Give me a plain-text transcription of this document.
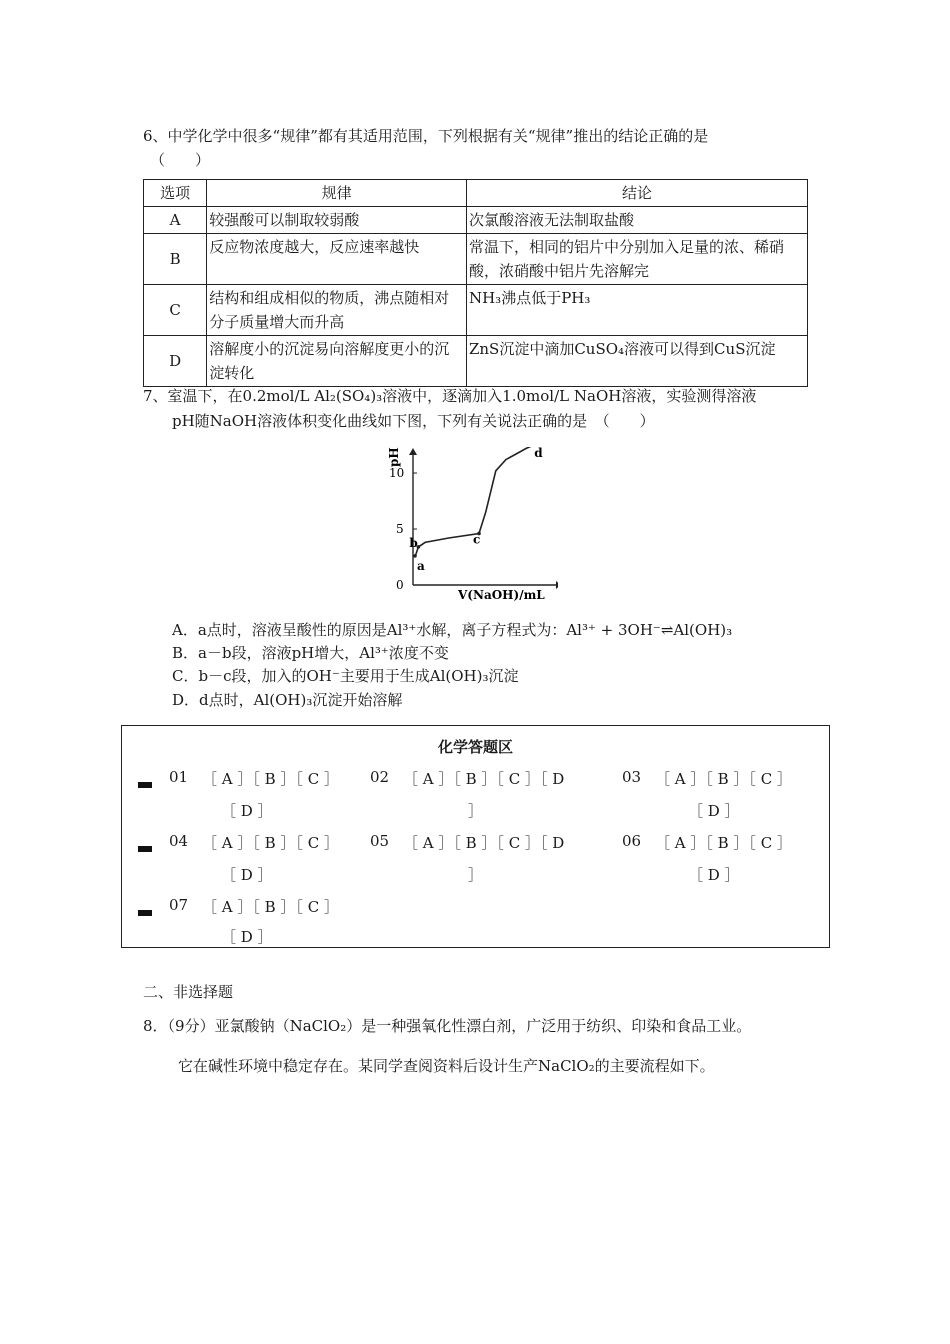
6、中学化学中很多“规律”都有其适用范围，下列根据有关“规律”推出的结论正确的是
（　　）
选项	规律	结论
A	较强酸可以制取较弱酸	次氯酸溶液无法制取盐酸
B	反应物浓度越大，反应速率越快	常温下，相同的铝片中分别加入足量的浓、稀硝酸，浓硝酸中铝片先溶解完
C	结构和组成相似的物质，沸点随相对分子质量增大而升高	NH₃沸点低于PH₃
D	溶解度小的沉淀易向溶解度更小的沉淀转化	ZnS沉淀中滴加CuSO₄溶液可以得到CuS沉淀
7、室温下，在0.2mol/L Al₂(SO₄)₃溶液中，逐滴加入1.0mol/L NaOH溶液，实验测得溶液
pH随NaOH溶液体积变化曲线如下图，下列有关说法正确的是　（　　）
pH
V(NaOH)/mL
0
5
10
a
b	c
d
A．a点时，溶液呈酸性的原因是Al³⁺水解，离子方程式为：Al³⁺ + 3OH⁻⇌Al(OH)₃
B．a－b段，溶液pH增大，Al³⁺浓度不变
C．b－c段，加入的OH⁻主要用于生成Al(OH)₃沉淀
D．d点时，Al(OH)₃沉淀开始溶解
化学答题区
01 ［ A ］［ B ］［ C ］
［ D ］
02 ［ A ］［ B ］［ C ］［ D
］
03 ［ A ］［ B ］［ C ］
［ D ］
04 ［ A ］［ B ］［ C ］
［ D ］
05 ［ A ］［ B ］［ C ］［ D
］
06 ［ A ］［ B ］［ C ］
［ D ］
07 ［ A ］［ B ］［ C ］
［ D ］
二、非选择题
8．（9分）亚氯酸钠（NaClO₂）是一种强氧化性漂白剂，广泛用于纺织、印染和食品工业。
它在碱性环境中稳定存在。某同学查阅资料后设计生产NaClO₂的主要流程如下。
